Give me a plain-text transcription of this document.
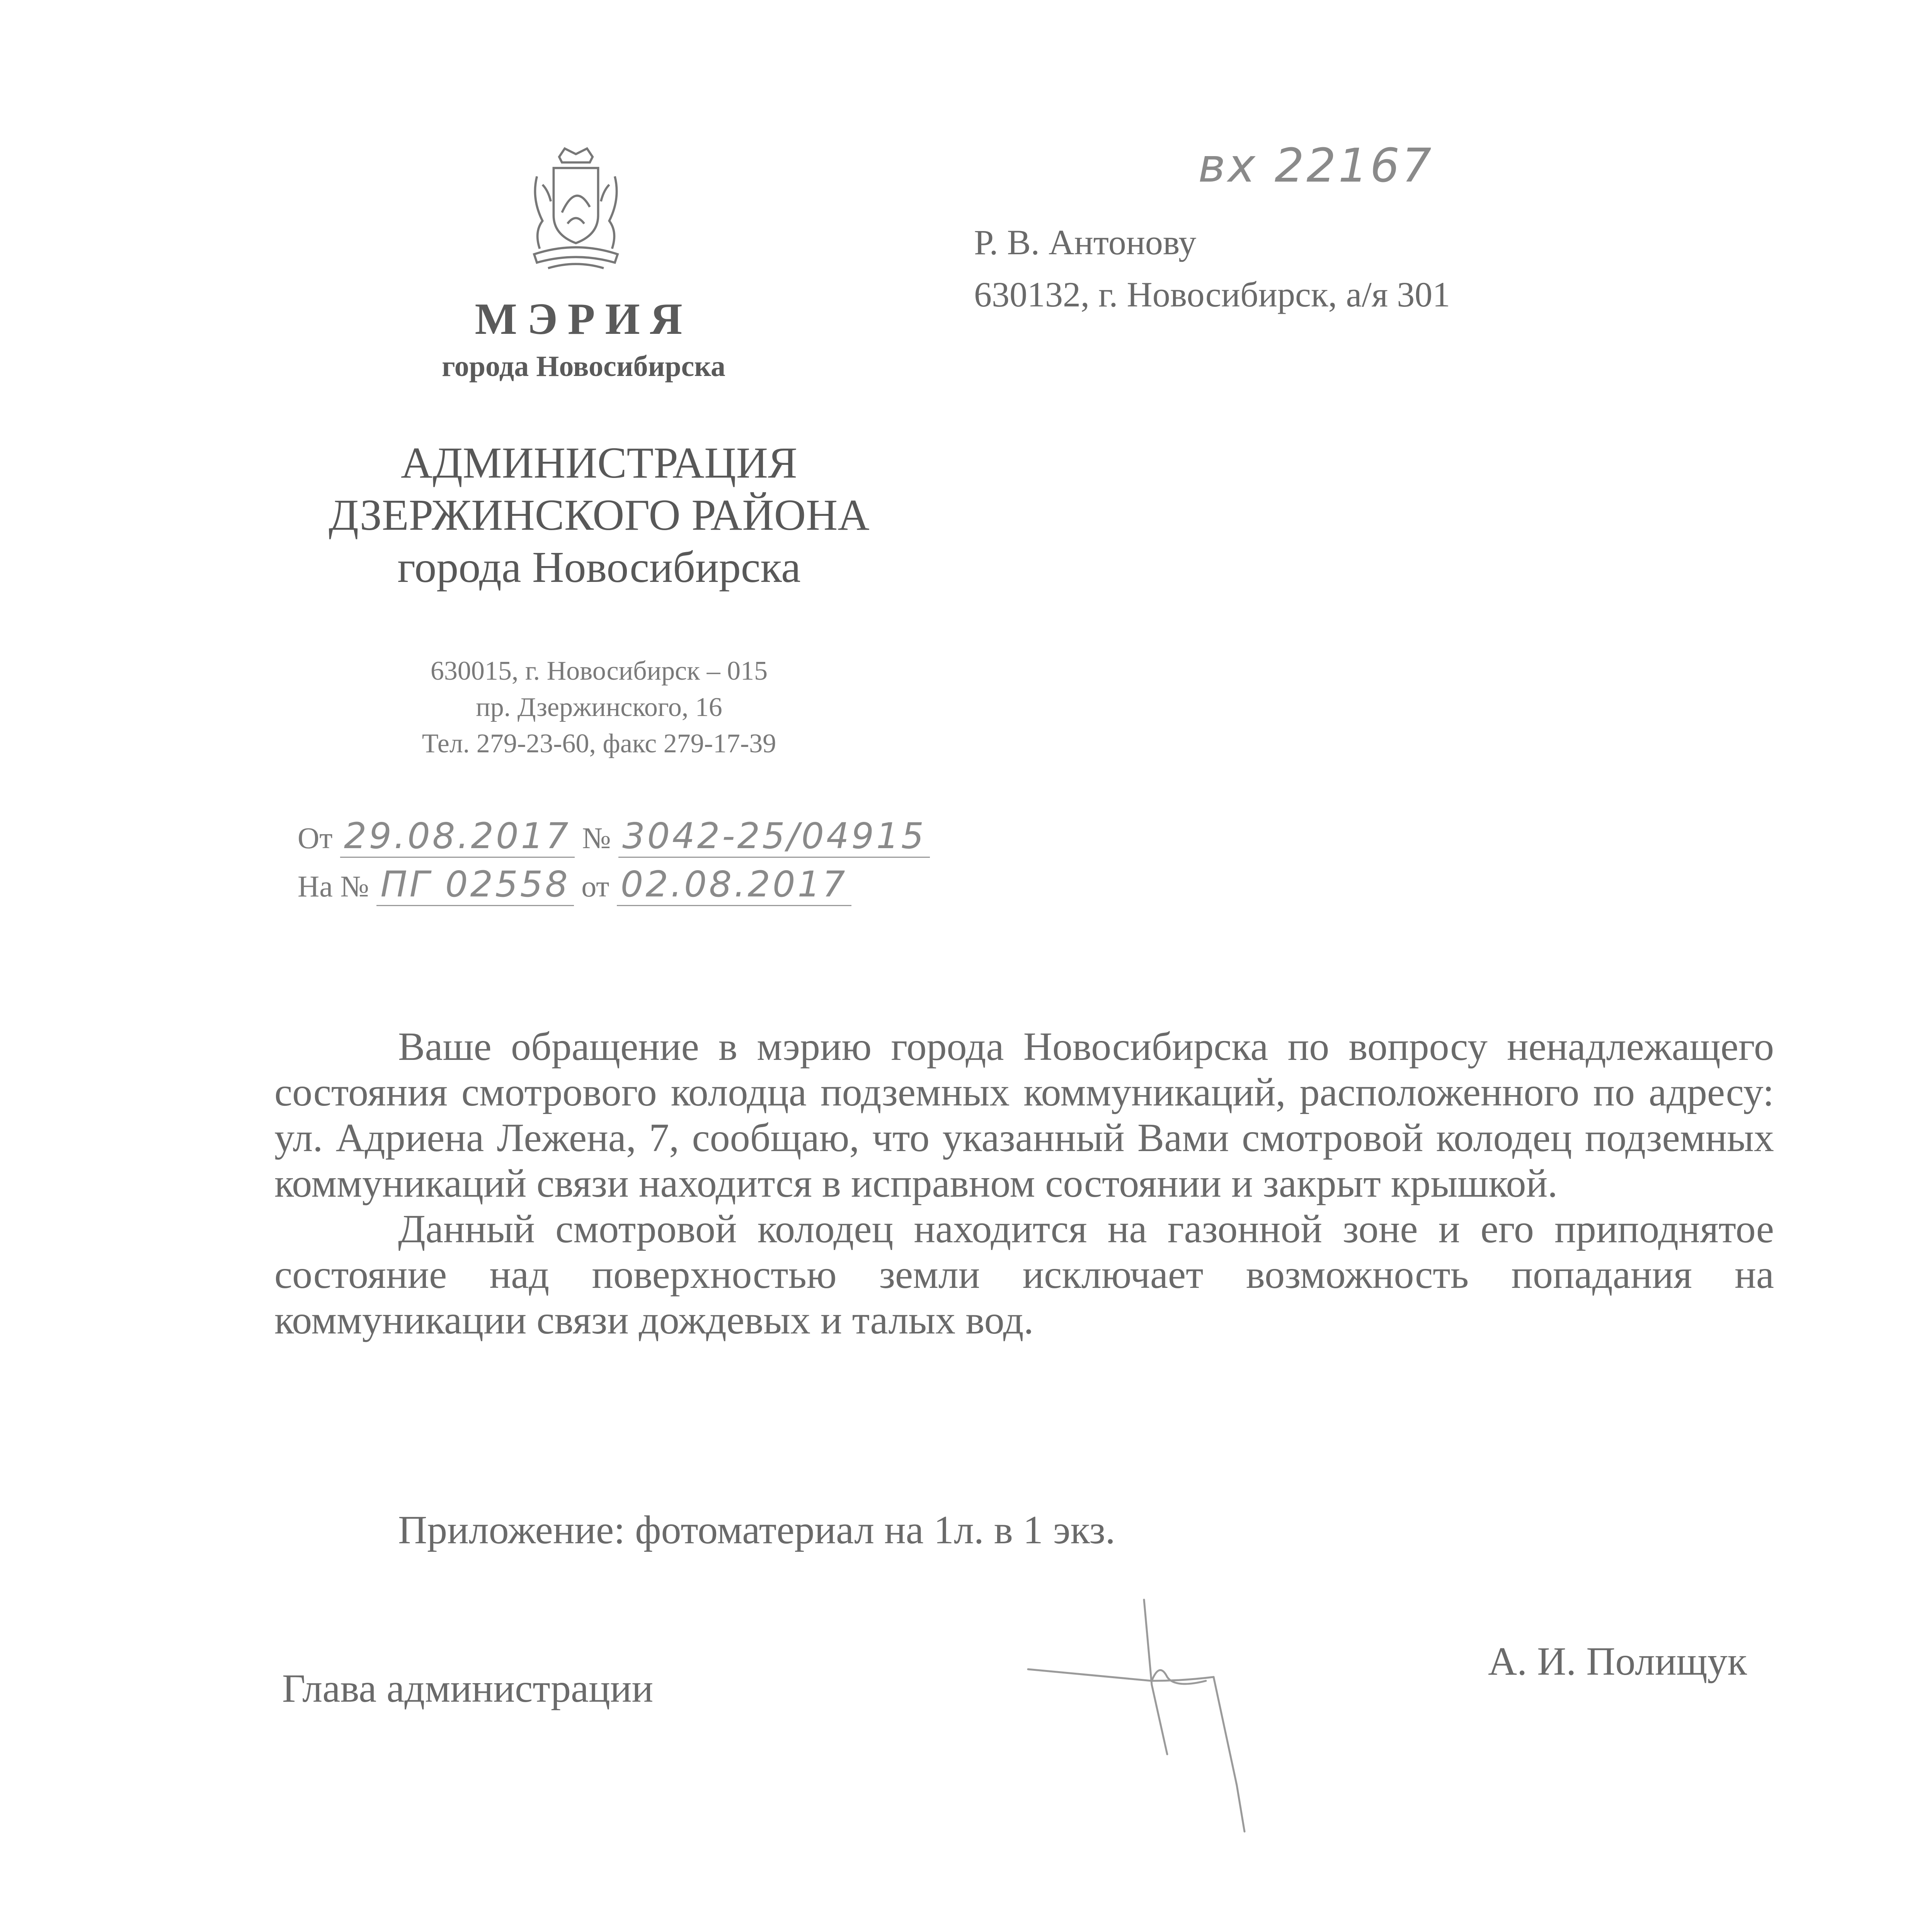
МЭРИЯ
города Новосибирска
АДМИНИСТРАЦИЯ
ДЗЕРЖИНСКОГО РАЙОНА
города Новосибирска
630015, г. Новосибирск – 015
пр. Дзержинского, 16
Тел. 279-23-60, факс 279-17-39
От 29.08.2017 № 3042-25/04915
На № ПГ 02558 от 02.08.2017
вх 22167
Р. В. Антонову
630132, г. Новосибирск, а/я 301

Ваше обращение в мэрию города Новосибирска по вопросу ненадлежащего состояния смотрового колодца подземных коммуникаций, расположенного по адресу: ул. Адриена Лежена, 7, сообщаю, что указанный Вами смотровой колодец подземных коммуникаций связи находится в исправном состоянии и закрыт крышкой.

Данный смотровой колодец находится на газонной зоне и его приподнятое состояние над поверхностью земли исключает возможность попадания на коммуникации связи дождевых и талых вод.

Приложение: фотоматериал на 1л. в 1 экз.
Глава администрации
А. И. Полищук
